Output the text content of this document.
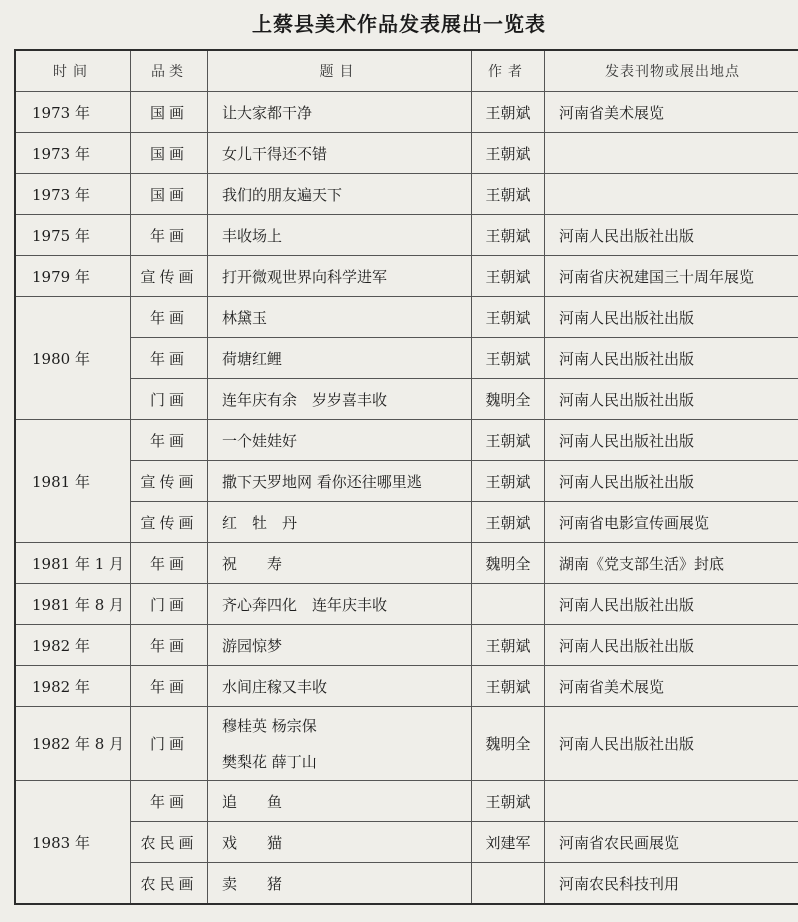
上蔡县美术作品发表展出一览表
时间	品类	题目	作者	发表刊物或展出地点
1973 年	国画	让大家都干净	王朝斌	河南省美术展览
1973 年	国画	女儿干得还不错	王朝斌	
1973 年	国画	我们的朋友遍天下	王朝斌	
1975 年	年画	丰收场上	王朝斌	河南人民出版社出版
1979 年	宣传画	打开微观世界向科学进军	王朝斌	河南省庆祝建国三十周年展览
1980 年	年画	林黛玉	王朝斌	河南人民出版社出版
	年画	荷塘红鲤	王朝斌	河南人民出版社出版
	门画	连年庆有余　岁岁喜丰收	魏明全	河南人民出版社出版
1981 年	年画	一个娃娃好	王朝斌	河南人民出版社出版
	宣传画	撒下天罗地网 看你还往哪里逃	王朝斌	河南人民出版社出版
	宣传画	红　牡　丹	王朝斌	河南省电影宣传画展览
1981 年 1 月	年画	祝　　寿	魏明全	湖南《党支部生活》封底
1981 年 8 月	门画	齐心奔四化　连年庆丰收		河南人民出版社出版
1982 年	年画	游园惊梦	王朝斌	河南人民出版社出版
1982 年	年画	水间庄稼又丰收	王朝斌	河南省美术展览
1982 年 8 月	门画	穆桂英 杨宗保
樊梨花 薛丁山	魏明全	河南人民出版社出版
1983 年	年画	追　　鱼	王朝斌	
	农民画	戏　　猫	刘建军	河南省农民画展览
	农民画	卖　　猪		河南农民科技刊用
